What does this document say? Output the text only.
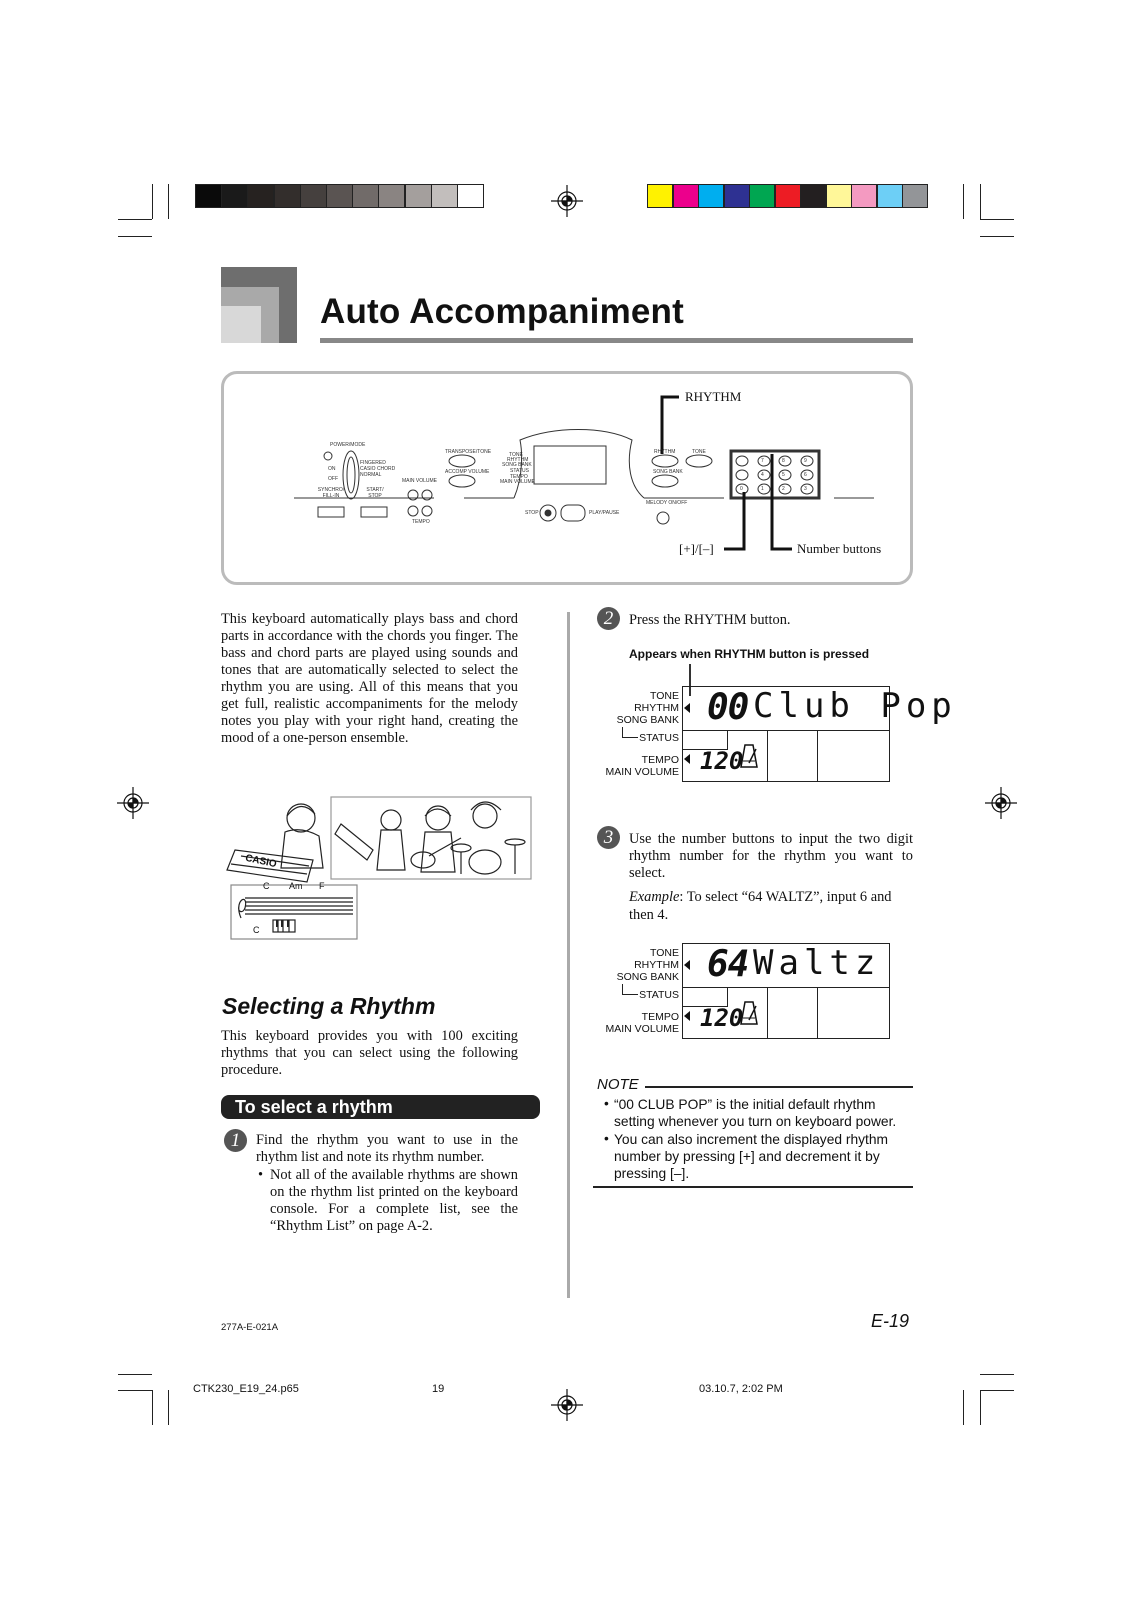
Auto Accompaniment
POWER/MODE
FINGERED
CASIO CHORD
NORMAL
ON
OFF
SYNCHRO/ FILL-IN
START/ STOP
MAIN VOLUME
TEMPO
TRANSPOSE/TONE
ACCOMP VOLUME
TONE
RHYTHM
SONG BANK
STATUS
TEMPO
MAIN VOLUME
STOP	PLAY/PAUSE
RHYTHM	TONE
SONG BANK
MELODY ON/OFF
7	8	9
4	5	6
1	2	3
0
RHYTHM
[+]/[–]	Number buttons
This keyboard automatically plays bass and chord parts in accordance with the chords you finger. The bass and chord parts are played using sounds and tones that are automatically selected to select the rhythm you are using. All of this means that you get full, realistic accompaniments for the melody notes you play with your right hand, creating the mood of a one-person ensemble.
CASIO
C Am F
C
Selecting a Rhythm
This keyboard provides you with 100 exciting rhythms that you can select using the following procedure.
To select a rhythm
1	Find the rhythm you want to use in the rhythm list and note its rhythm number.
• Not all of the available rhythms are shown on the rhythm list printed on the keyboard console. For a complete list, see the “Rhythm List” on page A-2.
2	Press the RHYTHM button.
Appears when RHYTHM button is pressed
TONE
RHYTHM
SONG BANK
STATUS
TEMPO
MAIN VOLUME
00 Club Pop
120
3	Use the number buttons to input the two digit rhythm number for the rhythm you want to select.
Example: To select “64 WALTZ”, input 6 and then 4.
TONE
RHYTHM
SONG BANK
STATUS
TEMPO
MAIN VOLUME
64 Waltz
120
NOTE
• “00 CLUB POP” is the initial default rhythm setting whenever you turn on keyboard power.
• You can also increment the displayed rhythm number by pressing [+] and decrement it by pressing [–].
277A-E-021A	E-19
CTK230_E19_24.p65	19	03.10.7, 2:02 PM
